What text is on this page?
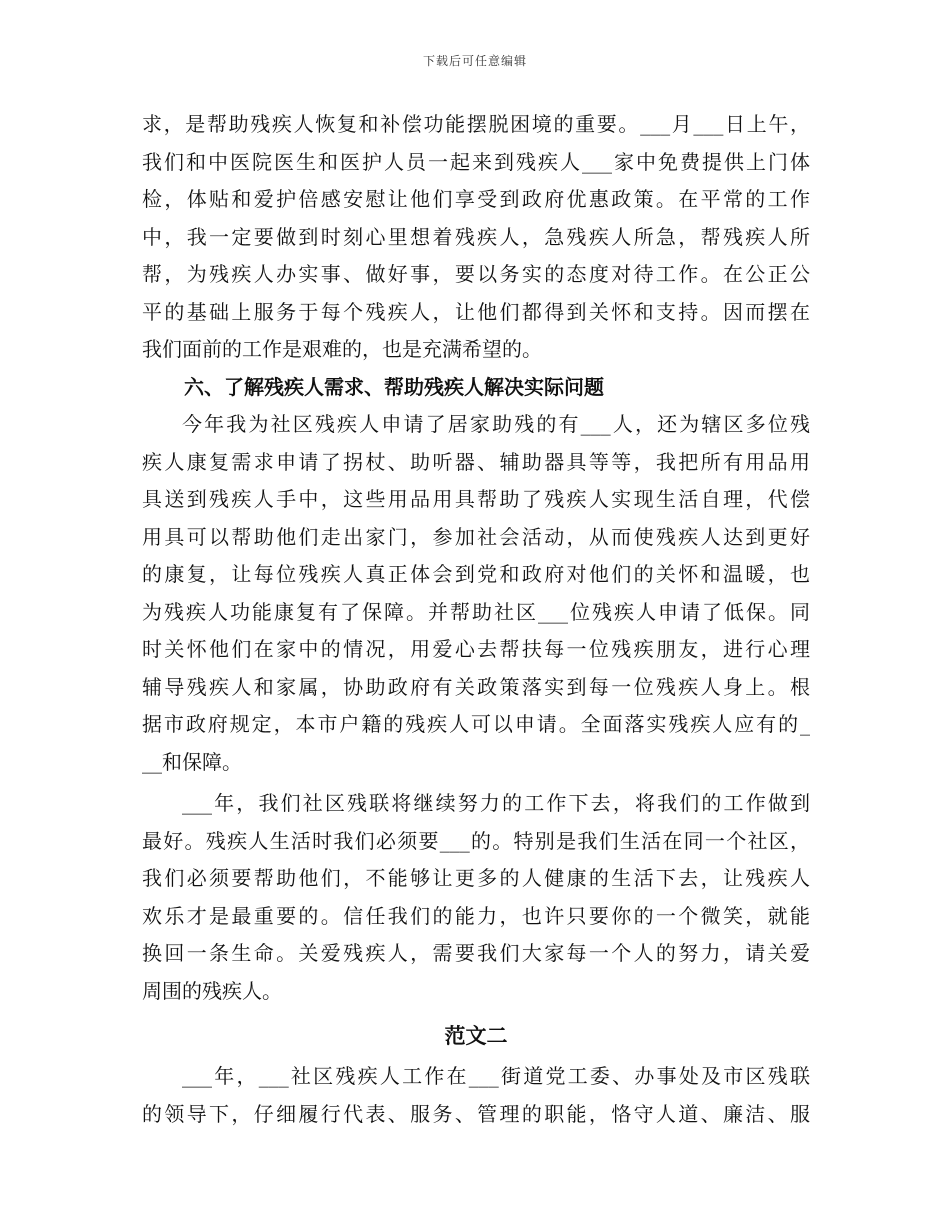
下载后可任意编辑
求，是帮助残疾人恢复和补偿功能摆脱困境的重要。___月___日上午，
我们和中医院医生和医护人员一起来到残疾人___家中免费提供上门体
检，体贴和爱护倍感安慰让他们享受到政府优惠政策。在平常的工作
中，我一定要做到时刻心里想着残疾人，急残疾人所急，帮残疾人所
帮，为残疾人办实事、做好事，要以务实的态度对待工作。在公正公
平的基础上服务于每个残疾人，让他们都得到关怀和支持。因而摆在
我们面前的工作是艰难的，也是充满希望的。
六、了解残疾人需求、帮助残疾人解决实际问题
今年我为社区残疾人申请了居家助残的有___人，还为辖区多位残
疾人康复需求申请了拐杖、助听器、辅助器具等等，我把所有用品用
具送到残疾人手中，这些用品用具帮助了残疾人实现生活自理，代偿
用具可以帮助他们走出家门，参加社会活动，从而使残疾人达到更好
的康复，让每位残疾人真正体会到党和政府对他们的关怀和温暖，也
为残疾人功能康复有了保障。并帮助社区___位残疾人申请了低保。同
时关怀他们在家中的情况，用爱心去帮扶每一位残疾朋友，进行心理
辅导残疾人和家属，协助政府有关政策落实到每一位残疾人身上。根
据市政府规定，本市户籍的残疾人可以申请。全面落实残疾人应有的_
__和保障。
___年，我们社区残联将继续努力的工作下去，将我们的工作做到
最好。残疾人生活时我们必须要___的。特别是我们生活在同一个社区，
我们必须要帮助他们，不能够让更多的人健康的生活下去，让残疾人
欢乐才是最重要的。信任我们的能力，也许只要你的一个微笑，就能
换回一条生命。关爱残疾人，需要我们大家每一个人的努力，请关爱
周围的残疾人。
范文二
___年，___社区残疾人工作在___街道党工委、办事处及市区残联
的领导下，仔细履行代表、服务、管理的职能，恪守人道、廉洁、服
